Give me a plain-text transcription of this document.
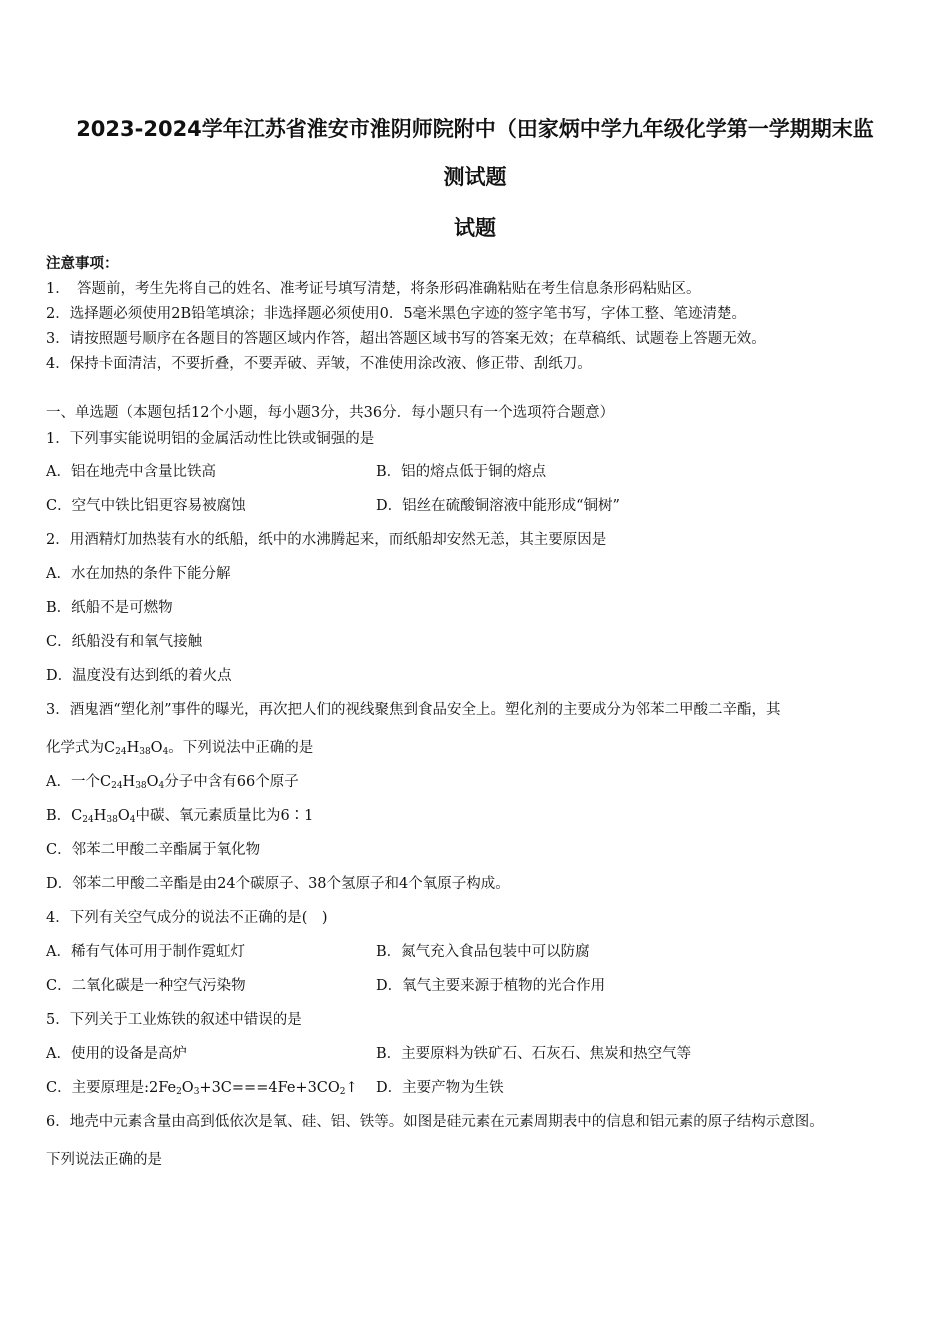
2023-2024学年江苏省淮安市淮阴师院附中（田家炳中学九年级化学第一学期期末监
测试题
试题
注意事项：
1．　答题前，考生先将自己的姓名、准考证号填写清楚，将条形码准确粘贴在考生信息条形码粘贴区。
2．选择题必须使用2B铅笔填涂；非选择题必须使用0．5毫米黑色字迹的签字笔书写，字体工整、笔迹清楚。
3．请按照题号顺序在各题目的答题区域内作答，超出答题区域书写的答案无效；在草稿纸、试题卷上答题无效。
4．保持卡面清洁，不要折叠，不要弄破、弄皱，不准使用涂改液、修正带、刮纸刀。
一、单选题（本题包括12个小题，每小题3分，共36分．每小题只有一个选项符合题意）
1．下列事实能说明铝的金属活动性比铁或铜强的是
A．铝在地壳中含量比铁高	B．铝的熔点低于铜的熔点
C．空气中铁比铝更容易被腐蚀	D．铝丝在硫酸铜溶液中能形成“铜树”
2．用酒精灯加热装有水的纸船，纸中的水沸腾起来，而纸船却安然无恙，其主要原因是
A．水在加热的条件下能分解
B．纸船不是可燃物
C．纸船没有和氧气接触
D．温度没有达到纸的着火点
3．酒鬼酒“塑化剂”事件的曝光，再次把人们的视线聚焦到食品安全上。塑化剂的主要成分为邻苯二甲酸二辛酯，其
化学式为$C_{24}H_{38}O_4$。下列说法中正确的是
A．一个$C_{24}H_{38}O_4$分子中含有66个原子
B．$C_{24}H_{38}O_4$中碳、氧元素质量比为6∶1
C．邻苯二甲酸二辛酯属于氧化物
D．邻苯二甲酸二辛酯是由24个碳原子、38个氢原子和4个氧原子构成。
4．下列有关空气成分的说法不正确的是(　)
A．稀有气体可用于制作霓虹灯	B．氮气充入食品包装中可以防腐
C．二氧化碳是一种空气污染物	D．氧气主要来源于植物的光合作用
5．下列关于工业炼铁的叙述中错误的是
A．使用的设备是高炉	B．主要原料为铁矿石、石灰石、焦炭和热空气等
C．主要原理是$:2Fe_2O_3+3C===4Fe+3CO_2↑$ D．主要产物为生铁
6．地壳中元素含量由高到低依次是氧、硅、铝、铁等。如图是硅元素在元素周期表中的信息和铝元素的原子结构示意图。
下列说法正确的是
